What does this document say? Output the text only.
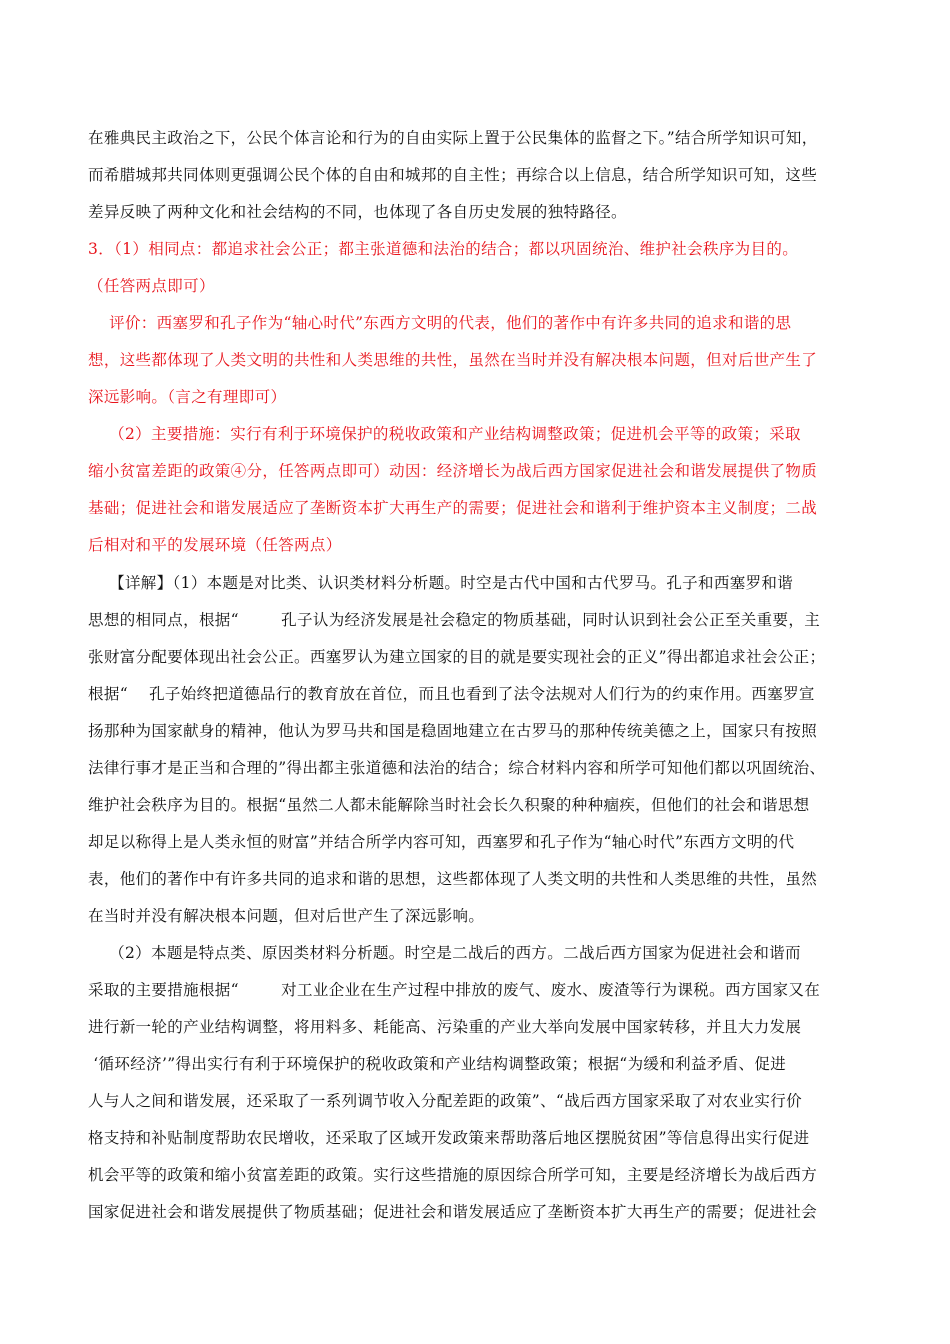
在雅典民主政治之下，公民个体言论和行为的自由实际上置于公民集体的监督之下。”结合所学知识可知，
而希腊城邦共同体则更强调公民个体的自由和城邦的自主性；再综合以上信息，结合所学知识可知，这些
差异反映了两种文化和社会结构的不同，也体现了各自历史发展的独特路径。
3．（1）相同点：都追求社会公正；都主张道德和法治的结合；都以巩固统治、维护社会秩序为目的。
（任答两点即可）
评价：西塞罗和孔子作为“轴心时代”东西方文明的代表，他们的著作中有许多共同的追求和谐的思
想，这些都体现了人类文明的共性和人类思维的共性，虽然在当时并没有解决根本问题，但对后世产生了
深远影响。（言之有理即可）
（2）主要措施：实行有利于环境保护的税收政策和产业结构调整政策；促进机会平等的政策；采取
缩小贫富差距的政策④分，任答两点即可）动因：经济增长为战后西方国家促进社会和谐发展提供了物质
基础；促进社会和谐发展适应了垄断资本扩大再生产的需要；促进社会和谐利于维护资本主义制度；二战
后相对和平的发展环境（任答两点）
【详解】（1）本题是对比类、认识类材料分析题。时空是古代中国和古代罗马。孔子和西塞罗和谐
思想的相同点，根据“        孔子认为经济发展是社会稳定的物质基础，同时认识到社会公正至关重要，主
张财富分配要体现出社会公正。西塞罗认为建立国家的目的就是要实现社会的正义”得出都追求社会公正；
根据“    孔子始终把道德品行的教育放在首位，而且也看到了法令法规对人们行为的约束作用。西塞罗宣
扬那种为国家献身的精神，他认为罗马共和国是稳固地建立在古罗马的那种传统美德之上，国家只有按照
法律行事才是正当和合理的”得出都主张道德和法治的结合；综合材料内容和所学可知他们都以巩固统治、
维护社会秩序为目的。根据“虽然二人都未能解除当时社会长久积聚的种种痼疾，但他们的社会和谐思想
却足以称得上是人类永恒的财富”并结合所学内容可知，西塞罗和孔子作为“轴心时代”东西方文明的代
表，他们的著作中有许多共同的追求和谐的思想，这些都体现了人类文明的共性和人类思维的共性，虽然
在当时并没有解决根本问题，但对后世产生了深远影响。
（2）本题是特点类、原因类材料分析题。时空是二战后的西方。二战后西方国家为促进社会和谐而
采取的主要措施根据“        对工业企业在生产过程中排放的废气、废水、废渣等行为课税。西方国家又在
进行新一轮的产业结构调整，将用料多、耗能高、污染重的产业大举向发展中国家转移，并且大力发展
‘循环经济’”得出实行有利于环境保护的税收政策和产业结构调整政策；根据“为缓和利益矛盾、促进
人与人之间和谐发展，还采取了一系列调节收入分配差距的政策”、“战后西方国家采取了对农业实行价
格支持和补贴制度帮助农民增收，还采取了区域开发政策来帮助落后地区摆脱贫困”等信息得出实行促进
机会平等的政策和缩小贫富差距的政策。实行这些措施的原因综合所学可知，主要是经济增长为战后西方
国家促进社会和谐发展提供了物质基础；促进社会和谐发展适应了垄断资本扩大再生产的需要；促进社会
